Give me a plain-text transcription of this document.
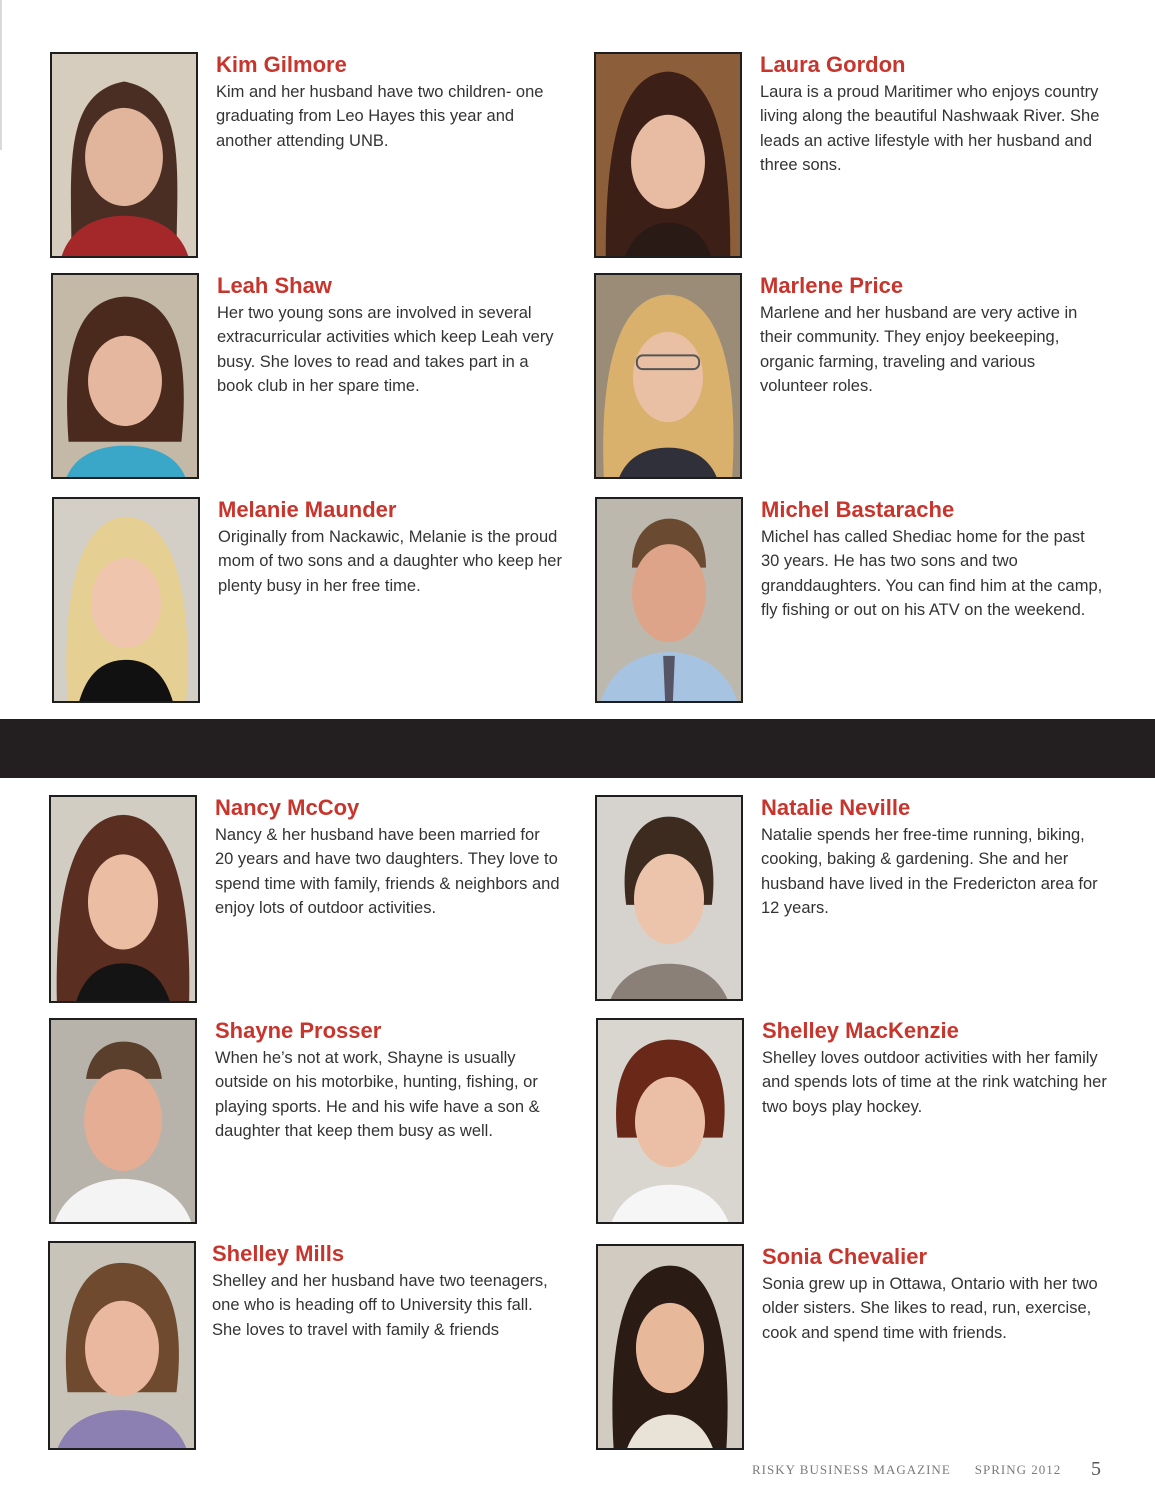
Kim Gilmore

Kim and her husband have two children- one graduating from Leo Hayes this year and another attending UNB.

Laura Gordon

Laura is a proud Maritimer who enjoys country living along the beautiful Nashwaak River. She leads an active lifestyle with her husband and three sons.

Leah Shaw

Her two young sons are involved in several extracurricular activities which keep Leah very busy. She loves to read and takes part in a book club in her spare time.

Marlene Price

Marlene and her husband are very active in their community. They enjoy beekeeping, organic farming, traveling and various volunteer roles.

Melanie Maunder

Originally from Nackawic, Melanie is the proud mom of two sons and a daughter who keep her plenty busy in her free time.

Michel Bastarache

Michel has called Shediac home for the past 30 years. He has two sons and two granddaughters. You can find him at the camp, fly fishing or out on his ATV on the weekend.

Nancy McCoy

Nancy & her husband have been married for 20 years and have two daughters. They love to spend time with family, friends & neighbors and enjoy lots of outdoor activities.

Natalie Neville

Natalie spends her free-time running, biking, cooking, baking & gardening. She and her husband have lived in the Fredericton area for 12 years.

Shayne Prosser

When he’s not at work, Shayne is usually outside on his motorbike, hunting, fishing, or playing sports. He and his wife have a son & daughter that keep them busy as well.

Shelley MacKenzie

Shelley loves outdoor activities with her family and spends lots of time at the rink watching her two boys play hockey.

Shelley Mills

Shelley and her husband have two teenagers, one who is heading off to University this fall. She loves to travel with family & friends

Sonia Chevalier

Sonia grew up in Ottawa, Ontario with her two older sisters. She likes to read, run, exercise, cook and spend time with friends.

RISKY BUSINESS MAGAZINE SPRING 2012 5
